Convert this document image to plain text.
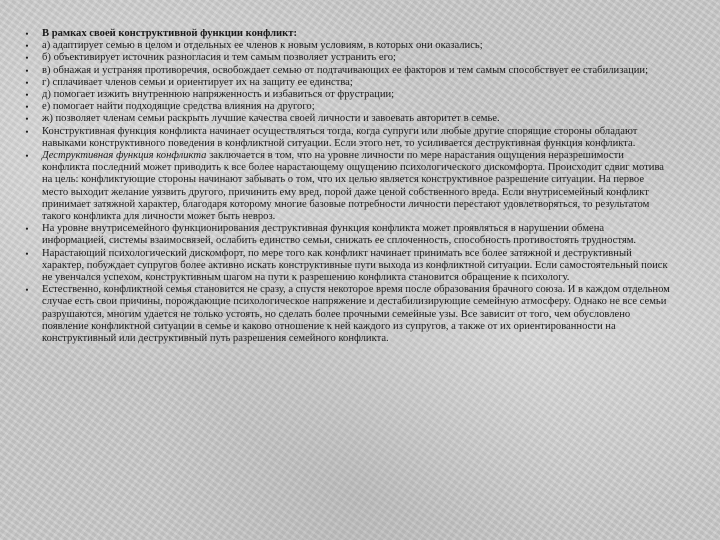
•	В рамках своей конструктивной функции конфликт:
•	а) адаптирует семью в целом и отдельных ее членов к новым условиям, в которых они оказались;
•	б) объективирует источник разногласия и тем самым позволяет устранить его;
•	в) обнажая и устраняя противоречия, освобождает семью от подтачивающих ее факторов и тем самым способствует ее стабилизации;
•	г) сплачивает членов семьи и ориентирует их на защиту ее единства;
•	д) помогает изжить внутреннюю напряженность и избавиться от фрустрации;
•	е) помогает найти подходящие средства влияния на другого;
•	ж) позволяет членам семьи раскрыть лучшие качества своей личности и завоевать авторитет в семье.
•	Конструктивная функция конфликта начинает осуществляться тогда, когда супруги или любые другие спорящие стороны обладают навыками конструктивного поведения в конфликтной ситуации. Если этого нет, то усиливается деструктивная функция конфликта.
•	Деструктивная функция конфликта заключается в том, что на уровне личности по мере нарастания ощущения неразрешимости конфликта последний может приводить к все более нарастающему ощущению психологического дискомфорта. Происходит сдвиг мотива на цель: конфликтующие стороны начинают забывать о том, что их целью является конструктивное разрешение ситуации. На первое место выходит желание уязвить другого, причинить ему вред, порой даже ценой собственного вреда. Если внутрисемейный конфликт принимает затяжной характер, благодаря которому многие базовые потребности личности перестают удовлетворяться, то результатом такого конфликта для личности может быть невроз.
•	На уровне внутрисемейного функционирования деструктивная функция конфликта может проявляться в нарушении обмена информацией, системы взаимосвязей, ослабить единство семьи, снижать ее сплоченность, способность противостоять трудностям.
•	Нарастающий психологический дискомфорт, по мере того как конфликт начинает принимать все более затяжной и деструктивный характер, побуждает супругов более активно искать конструктивные пути выхода из конфликтной ситуации. Если самостоятельный поиск не увенчался успехом, конструктивным шагом на пути к разрешению конфликта становится обращение к психологу.
•	Естественно, конфликтной семья становится не сразу, а спустя некоторое время после образования брачного союза. И в каждом отдельном случае есть свои причины, порождающие психологическое напряжение и дестабилизирующие семейную атмосферу. Однако не все семьи разрушаются, многим удается не только устоять, но сделать более прочными семейные узы. Все зависит от того, чем обусловлено появление конфликтной ситуации в семье и каково отношение к ней каждого из супругов, а также от их ориентированности на конструктивный или деструктивный путь разрешения семейного конфликта.
